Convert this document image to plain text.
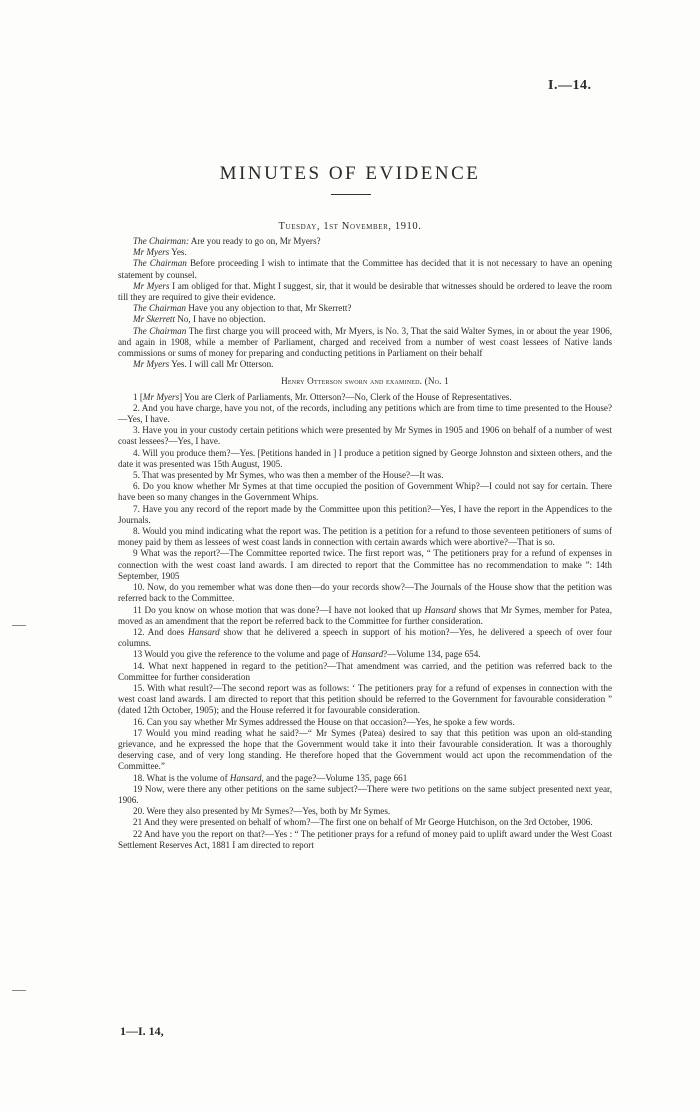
I.—14.
MINUTES OF EVIDENCE
Tuesday, 1st November, 1910.

The Chairman: Are you ready to go on, Mr Myers?

Mr Myers Yes.

The Chairman Before proceeding I wish to intimate that the Committee has decided that it is not necessary to have an opening statement by counsel.

Mr Myers I am obliged for that. Might I suggest, sir, that it would be desirable that witnesses should be ordered to leave the room till they are required to give their evidence.

The Chairman Have you any objection to that, Mr Skerrett?

Mr Skerrett No, I have no objection.

The Chairman The first charge you will proceed with, Mr Myers, is No. 3, That the said Walter Symes, in or about the year 1906, and again in 1908, while a member of Parliament, charged and received from a number of west coast lessees of Native lands commissions or sums of money for preparing and conducting petitions in Parliament on their behalf

Mr Myers Yes. I will call Mr Otterson.

Henry Otterson sworn and examined. (No. 1

1 [Mr Myers] You are Clerk of Parliaments, Mr. Otterson?—No, Clerk of the House of Representatives.

2. And you have charge, have you not, of the records, including any petitions which are from time to time presented to the House?—Yes, I have.

3. Have you in your custody certain petitions which were presented by Mr Symes in 1905 and 1906 on behalf of a number of west coast lessees?—Yes, I have.

4. Will you produce them?—Yes. [Petitions handed in ] I produce a petition signed by George Johnston and sixteen others, and the date it was presented was 15th August, 1905.

5. That was presented by Mr Symes, who was then a member of the House?—It was.

6. Do you know whether Mr Symes at that time occupied the position of Government Whip?—I could not say for certain. There have been so many changes in the Government Whips.

7. Have you any record of the report made by the Committee upon this petition?—Yes, I have the report in the Appendices to the Journals.

8. Would you mind indicating what the report was. The petition is a petition for a refund to those seventeen petitioners of sums of money paid by them as lessees of west coast lands in connection with certain awards which were abortive?—That is so.

9 What was the report?—The Committee reported twice. The first report was, “ The petitioners pray for a refund of expenses in connection with the west coast land awards. I am directed to report that the Committee has no recommendation to make ”: 14th September, 1905

10. Now, do you remember what was done then—do your records show?—The Journals of the House show that the petition was referred back to the Committee.

11 Do you know on whose motion that was done?—I have not looked that up Hansard shows that Mr Symes, member for Patea, moved as an amendment that the report be referred back to the Committee for further consideration.

12. And does Hansard show that he delivered a speech in support of his motion?—Yes, he delivered a speech of over four columns.

13 Would you give the reference to the volume and page of Hansard?—Volume 134, page 654.

14. What next happened in regard to the petition?—That amendment was carried, and the petition was referred back to the Committee for further consideration

15. With what result?—The second report was as follows: ‘ The petitioners pray for a refund of expenses in connection with the west coast land awards. I am directed to report that this petition should be referred to the Government for favourable consideration ” (dated 12th October, 1905); and the House referred it for favourable consideration.

16. Can you say whether Mr Symes addressed the House on that occasion?—Yes, he spoke a few words.

17 Would you mind reading what he said?—“ Mr Symes (Patea) desired to say that this petition was upon an old-standing grievance, and he expressed the hope that the Government would take it into their favourable consideration. It was a thoroughly deserving case, and of very long standing. He therefore hoped that the Government would act upon the recommendation of the Committee.”

18. What is the volume of Hansard, and the page?—Volume 135, page 661

19 Now, were there any other petitions on the same subject?—There were two petitions on the same subject presented next year, 1906.

20. Were they also presented by Mr Symes?—Yes, both by Mr Symes.

21 And they were presented on behalf of whom?—The first one on behalf of Mr George Hutchison, on the 3rd October, 1906.

22 And have you the report on that?—Yes : “ The petitioner prays for a refund of money paid to uplift award under the West Coast Settlement Reserves Act, 1881 I am directed to report

1—I. 14,
